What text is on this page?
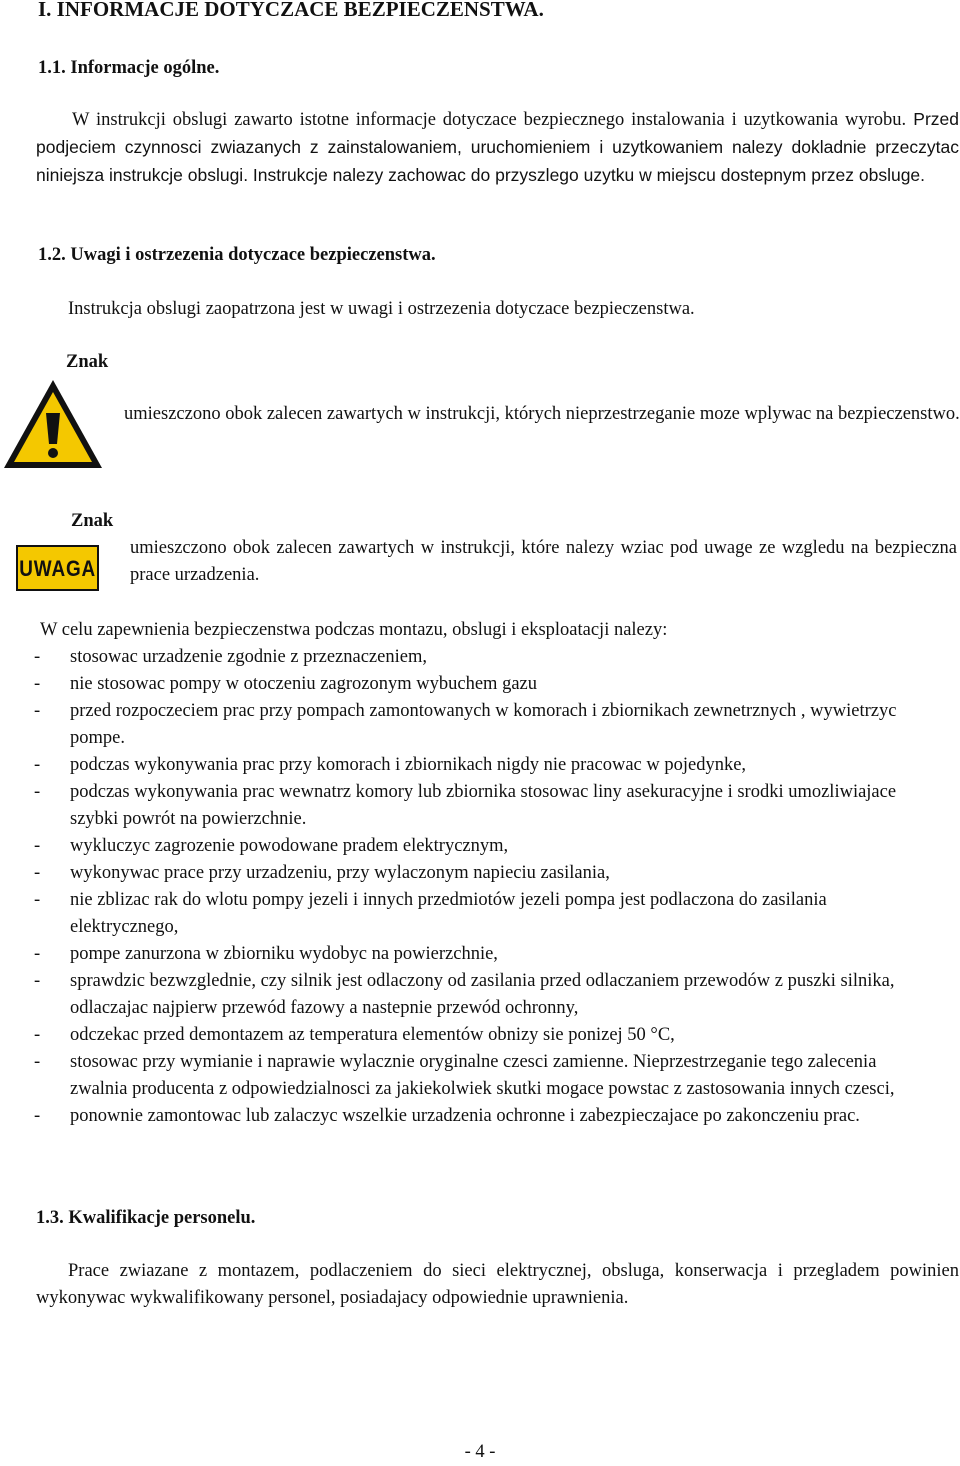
I. INFORMACJE DOTYCZACE BEZPIECZENSTWA.
1.1. Informacje ogólne.
W instrukcji obslugi zawarto istotne informacje dotyczace bezpiecznego instalowania i uzytkowania wyrobu. Przed podjeciem czynnosci zwiazanych z zainstalowaniem, uruchomieniem i uzytkowaniem nalezy dokladnie przeczytac niniejsza instrukcje obslugi. Instrukcje nalezy zachowac do przyszlego uzytku w miejscu dostepnym przez obsluge.
1.2. Uwagi i ostrzezenia dotyczace bezpieczenstwa.
Instrukcja obslugi zaopatrzona jest w uwagi i ostrzezenia dotyczace bezpieczenstwa.
Znak
umieszczono obok zalecen zawartych w instrukcji, których nieprzestrzeganie moze wplywac na bezpieczenstwo.
Znak
UWAGA
umieszczono obok zalecen zawartych w instrukcji, które nalezy wziac pod uwage ze wzgledu na bezpieczna prace urzadzenia.
W celu zapewnienia bezpieczenstwa podczas montazu, obslugi i eksploatacji nalezy:
- stosowac urzadzenie zgodnie z przeznaczeniem,
- nie stosowac pompy w otoczeniu zagrozonym wybuchem gazu
- przed rozpoczeciem prac przy pompach zamontowanych w komorach i zbiornikach zewnetrznych , wywietrzyc pompe.
- podczas wykonywania prac przy komorach i zbiornikach nigdy nie pracowac w pojedynke,
- podczas wykonywania prac wewnatrz komory lub zbiornika stosowac liny asekuracyjne i srodki umozliwiajace szybki powrót na powierzchnie.
- wykluczyc zagrozenie powodowane pradem elektrycznym,
- wykonywac prace przy urzadzeniu, przy wylaczonym napieciu zasilania,
- nie zblizac rak do wlotu pompy jezeli i innych przedmiotów jezeli pompa jest podlaczona do zasilania elektrycznego,
- pompe zanurzona w zbiorniku wydobyc na powierzchnie,
- sprawdzic bezwzglednie, czy silnik jest odlaczony od zasilania przed odlaczaniem przewodów z puszki silnika, odlaczajac najpierw przewód fazowy a nastepnie przewód ochronny,
- odczekac przed demontazem az temperatura elementów obnizy sie ponizej 50 °C,
- stosowac przy wymianie i naprawie wylacznie oryginalne czesci zamienne. Nieprzestrzeganie tego zalecenia zwalnia producenta z odpowiedzialnosci za jakiekolwiek skutki mogace powstac z zastosowania innych czesci,
- ponownie zamontowac lub zalaczyc wszelkie urzadzenia ochronne i zabezpieczajace po zakonczeniu prac.
1.3. Kwalifikacje personelu.
Prace zwiazane z montazem, podlaczeniem do sieci elektrycznej, obsluga, konserwacja i przegladem powinien wykonywac wykwalifikowany personel, posiadajacy odpowiednie uprawnienia.
- 4 -
